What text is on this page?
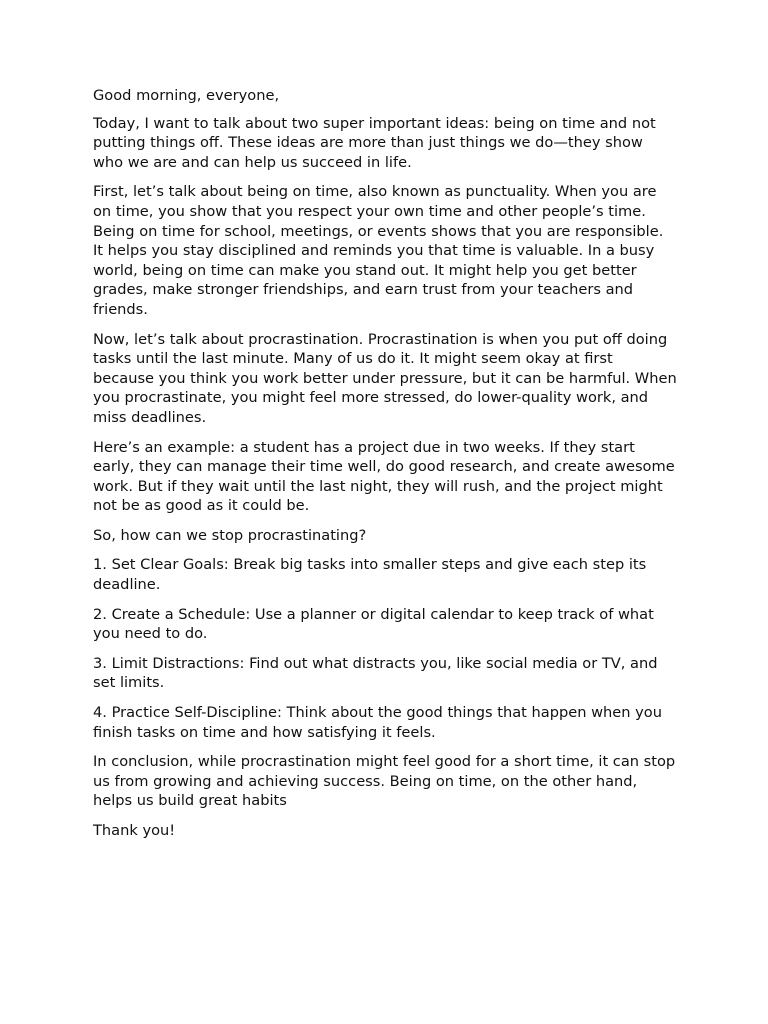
Good morning, everyone,

Today, I want to talk about two super important ideas: being on time and not putting things off. These ideas are more than just things we do—they show who we are and can help us succeed in life.

First, let’s talk about being on time, also known as punctuality. When you are on time, you show that you respect your own time and other people’s time. Being on time for school, meetings, or events shows that you are responsible. It helps you stay disciplined and reminds you that time is valuable. In a busy world, being on time can make you stand out. It might help you get better grades, make stronger friendships, and earn trust from your teachers and friends.

Now, let’s talk about procrastination. Procrastination is when you put off doing tasks until the last minute. Many of us do it. It might seem okay at first because you think you work better under pressure, but it can be harmful. When you procrastinate, you might feel more stressed, do lower-quality work, and miss deadlines.

Here’s an example: a student has a project due in two weeks. If they start early, they can manage their time well, do good research, and create awesome work. But if they wait until the last night, they will rush, and the project might not be as good as it could be.

So, how can we stop procrastinating?

1. Set Clear Goals: Break big tasks into smaller steps and give each step its deadline.

2. Create a Schedule: Use a planner or digital calendar to keep track of what you need to do.

3. Limit Distractions: Find out what distracts you, like social media or TV, and set limits.

4. Practice Self-Discipline: Think about the good things that happen when you finish tasks on time and how satisfying it feels.

In conclusion, while procrastination might feel good for a short time, it can stop us from growing and achieving success. Being on time, on the other hand, helps us build great habits

Thank you!
